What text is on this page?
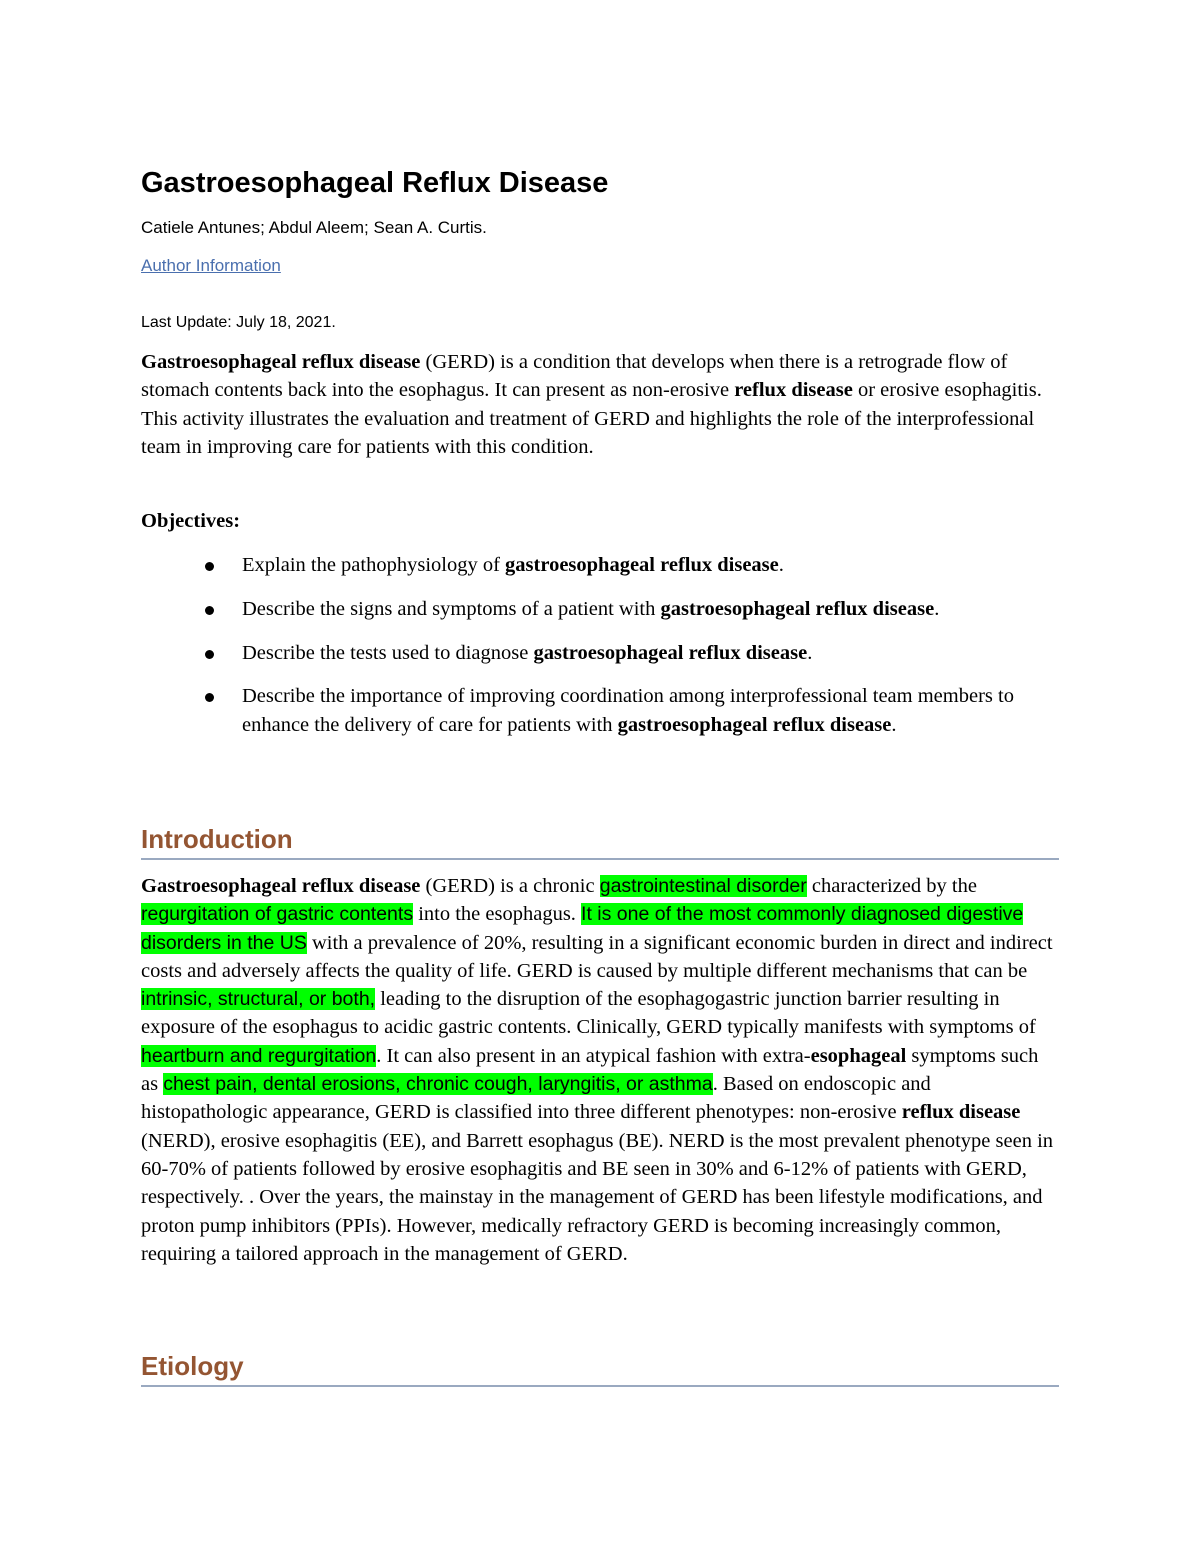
Gastroesophageal Reflux Disease

Catiele Antunes; Abdul Aleem; Sean A. Curtis.

Author Information

Last Update: July 18, 2021.

Gastroesophageal reflux disease (GERD) is a condition that develops when there is a retrograde flow of stomach contents back into the esophagus. It can present as non-erosive reflux disease or erosive esophagitis. This activity illustrates the evaluation and treatment of GERD and highlights the role of the interprofessional team in improving care for patients with this condition.

Objectives:

Explain the pathophysiology of gastroesophageal reflux disease.
Describe the signs and symptoms of a patient with gastroesophageal reflux disease.
Describe the tests used to diagnose gastroesophageal reflux disease.
Describe the importance of improving coordination among interprofessional team members to enhance the delivery of care for patients with gastroesophageal reflux disease.
Introduction

Gastroesophageal reflux disease (GERD) is a chronic gastrointestinal disorder characterized by the regurgitation of gastric contents into the esophagus. It is one of the most commonly diagnosed digestive disorders in the US with a prevalence of 20%, resulting in a significant economic burden in direct and indirect costs and adversely affects the quality of life. GERD is caused by multiple different mechanisms that can be intrinsic, structural, or both, leading to the disruption of the esophagogastric junction barrier resulting in exposure of the esophagus to acidic gastric contents. Clinically, GERD typically manifests with symptoms of heartburn and regurgitation. It can also present in an atypical fashion with extra-esophageal symptoms such as chest pain, dental erosions, chronic cough, laryngitis, or asthma. Based on endoscopic and histopathologic appearance, GERD is classified into three different phenotypes: non-erosive reflux disease (NERD), erosive esophagitis (EE), and Barrett esophagus (BE). NERD is the most prevalent phenotype seen in 60-70% of patients followed by erosive esophagitis and BE seen in 30% and 6-12% of patients with GERD, respectively. . Over the years, the mainstay in the management of GERD has been lifestyle modifications, and proton pump inhibitors (PPIs). However, medically refractory GERD is becoming increasingly common, requiring a tailored approach in the management of GERD.

Etiology
